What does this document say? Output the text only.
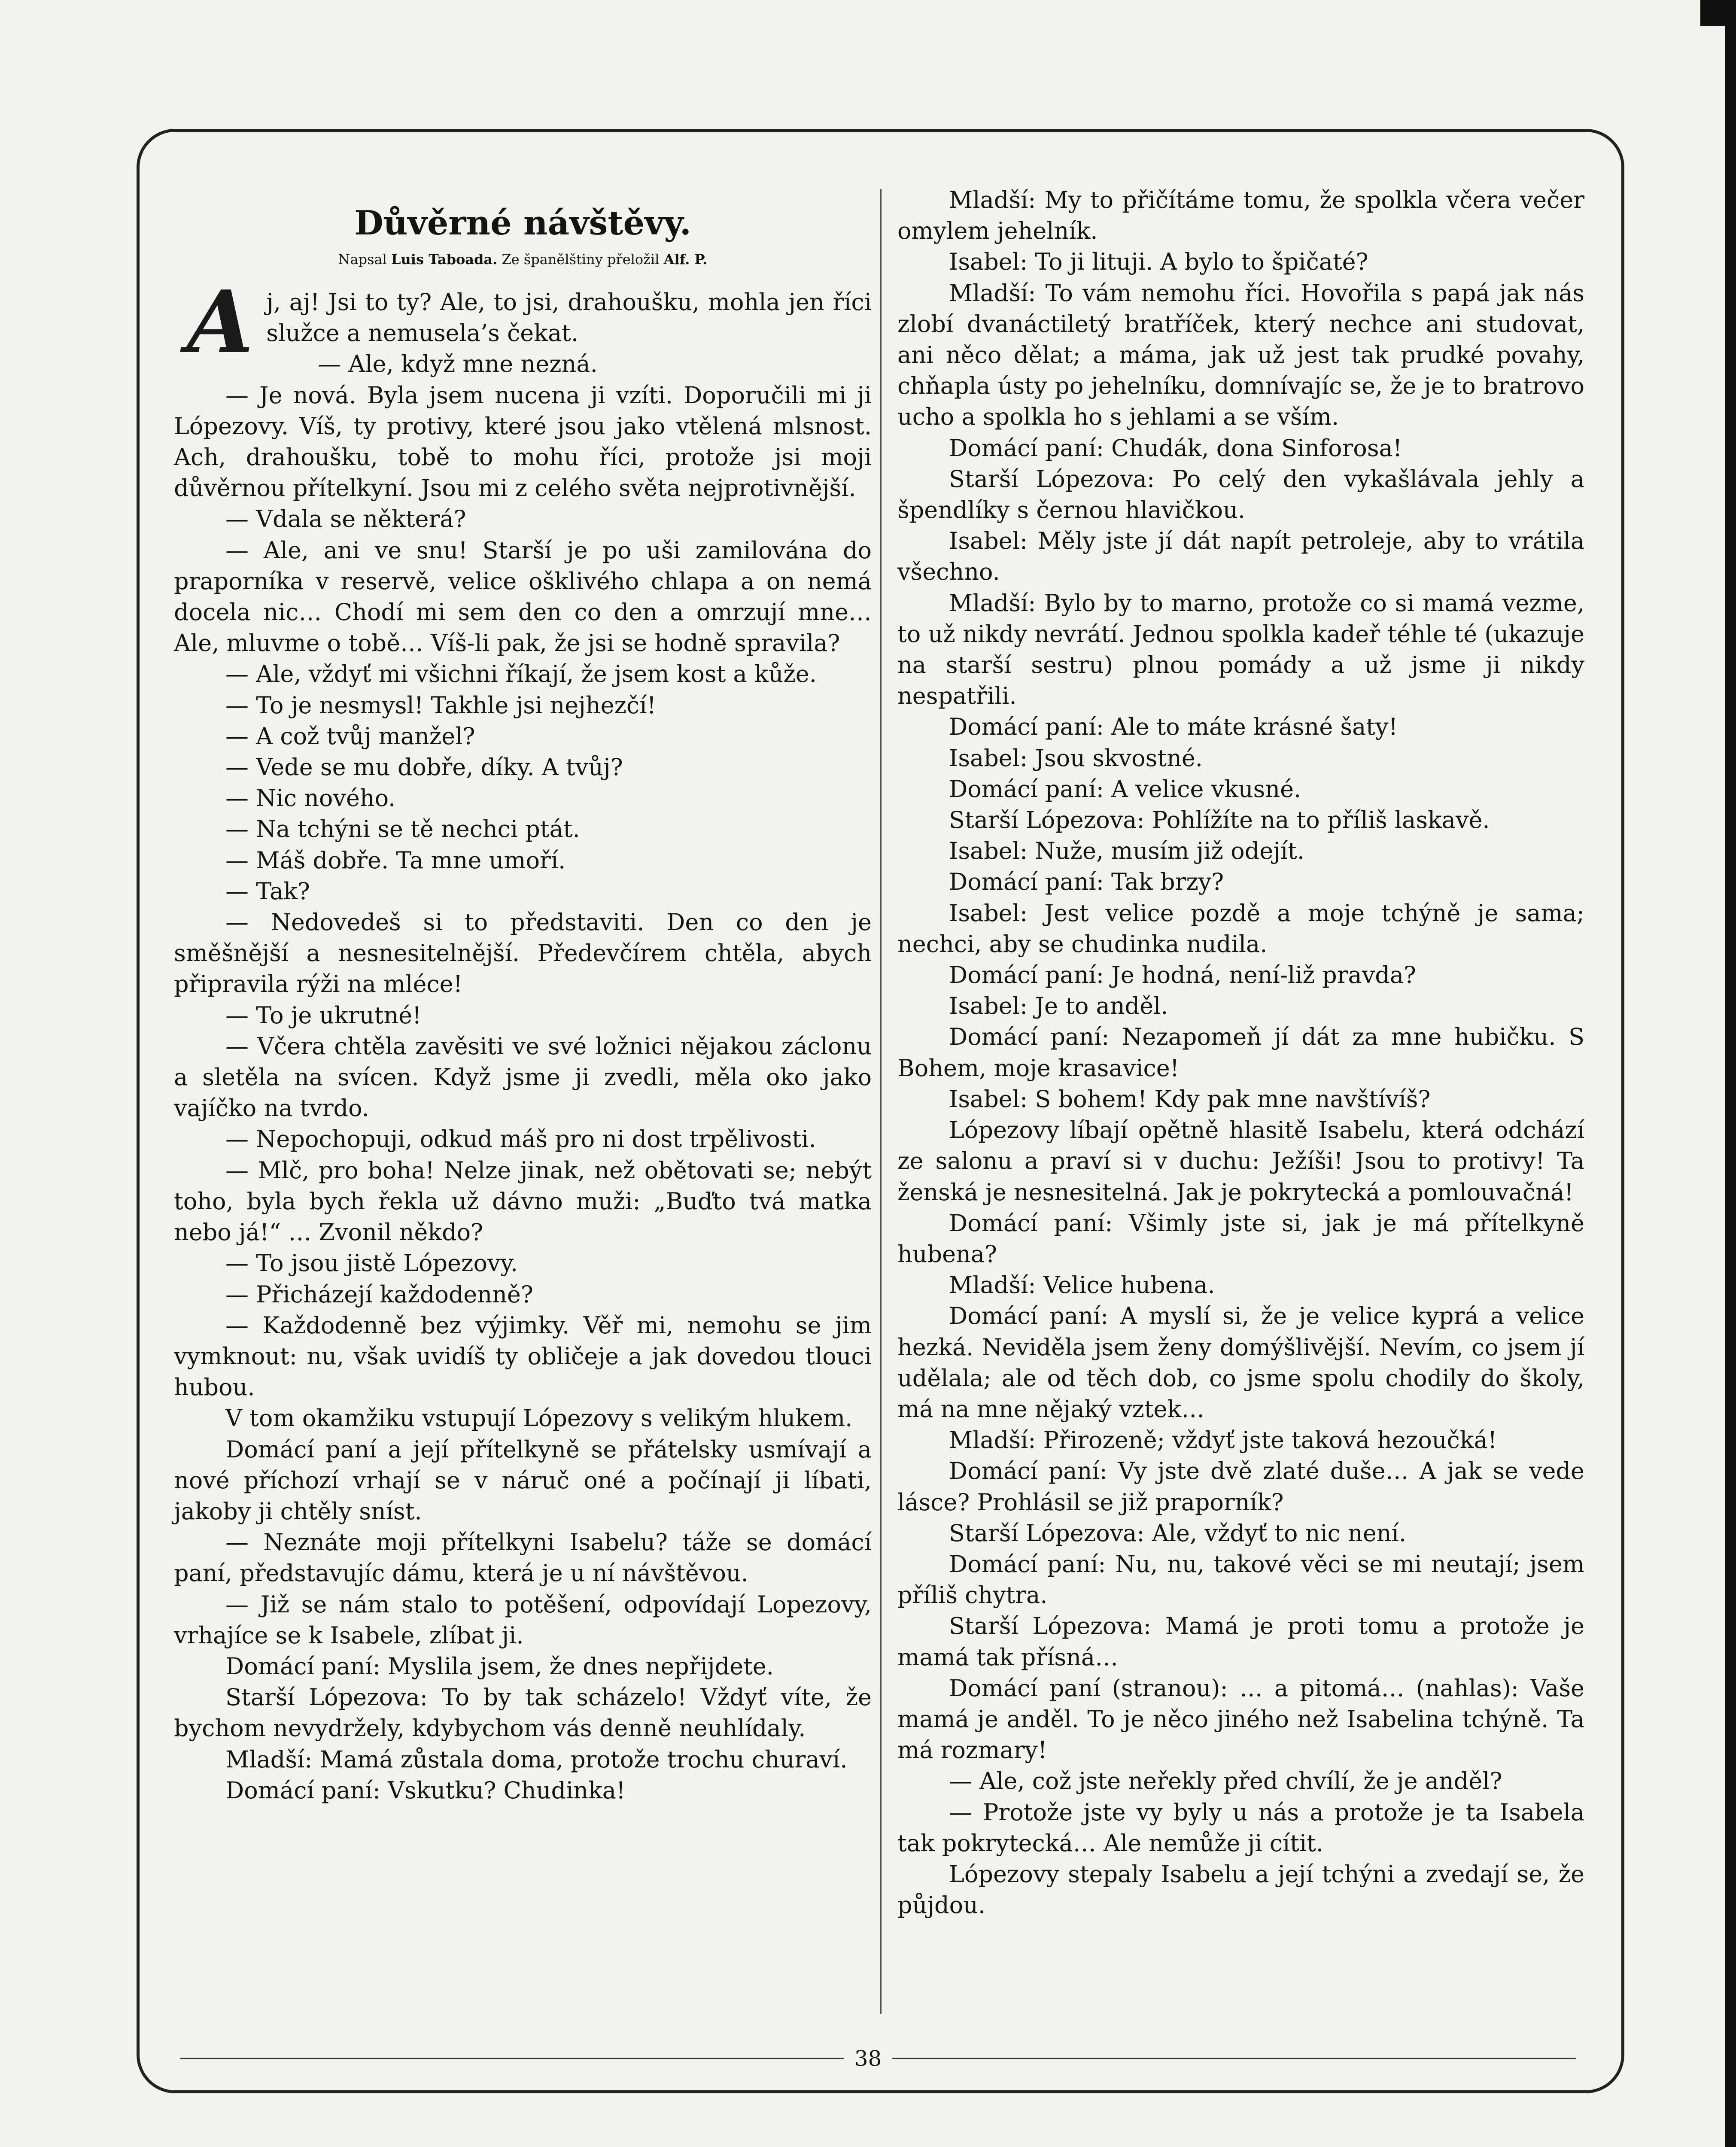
Důvěrné návštěvy.
Napsal Luis Taboada. Ze španělštiny přeložil Alf. P.
A j, aj! Jsi to ty? Ale, to jsi, drahoušku, mohla jen říci služce a nemusela’s čekat.

— Ale, když mne nezná.

— Je nová. Byla jsem nucena ji vzíti. Doporučili mi ji Lópezovy. Víš, ty protivy, které jsou jako vtělená mlsnost. Ach, drahoušku, tobě to mohu říci, protože jsi moji důvěrnou přítelkyní. Jsou mi z celého světa nejprotivnější.

— Vdala se některá?

— Ale, ani ve snu! Starší je po uši zamilována do praporníka v reservě, velice ošklivého chlapa a on nemá docela nic… Chodí mi sem den co den a omrzují mne… Ale, mluvme o tobě… Víš-li pak, že jsi se hodně spravila?

— Ale, vždyť mi všichni říkají, že jsem kost a kůže.

— To je nesmysl! Takhle jsi nejhezčí!

— A což tvůj manžel?

— Vede se mu dobře, díky. A tvůj?

— Nic nového.

— Na tchýni se tě nechci ptát.

— Máš dobře. Ta mne umoří.

— Tak?

— Nedovedeš si to představiti. Den co den je směšnější a nesnesitelnější. Předevčírem chtěla, abych připravila rýži na mléce!

— To je ukrutné!

— Včera chtěla zavěsiti ve své ložnici nějakou záclonu a sletěla na svícen. Když jsme ji zvedli, měla oko jako vajíčko na tvrdo.

— Nepochopuji, odkud máš pro ni dost trpělivosti.

— Mlč, pro boha! Nelze jinak, než obětovati se; nebýt toho, byla bych řekla už dávno muži: „Buďto tvá matka nebo já!“ … Zvonil někdo?

— To jsou jistě Lópezovy.

— Přicházejí každodenně?

— Každodenně bez výjimky. Věř mi, nemohu se jim vymknout: nu, však uvidíš ty obličeje a jak dovedou tlouci hubou.

V tom okamžiku vstupují Lópezovy s velikým hlukem.

Domácí paní a její přítelkyně se přátelsky usmívají a nové příchozí vrhají se v náruč oné a počínají ji líbati, jakoby ji chtěly sníst.

— Neznáte moji přítelkyni Isabelu? táže se domácí paní, představujíc dámu, která je u ní návštěvou.

— Již se nám stalo to potěšení, odpovídají Lopezovy, vrhajíce se k Isabele, zlíbat ji.

Domácí paní: Myslila jsem, že dnes nepřijdete.

Starší Lópezova: To by tak scházelo! Vždyť víte, že bychom nevydržely, kdybychom vás denně neuhlídaly.

Mladší: Mamá zůstala doma, protože trochu churaví.

Domácí paní: Vskutku? Chudinka!

Mladší: My to přičítáme tomu, že spolkla včera večer omylem jehelník.

Isabel: To ji lituji. A bylo to špičaté?

Mladší: To vám nemohu říci. Hovořila s papá jak nás zlobí dvanáctiletý bratříček, který nechce ani studovat, ani něco dělat; a máma, jak už jest tak prudké povahy, chňapla ústy po jehelníku, domnívajíc se, že je to bratrovo ucho a spolkla ho s jehlami a se vším.

Domácí paní: Chudák, dona Sinforosa!

Starší Lópezova: Po celý den vykašlávala jehly a špendlíky s černou hlavičkou.

Isabel: Měly jste jí dát napít petroleje, aby to vrátila všechno.

Mladší: Bylo by to marno, protože co si mamá vezme, to už nikdy nevrátí. Jednou spolkla kadeř téhle té (ukazuje na starší sestru) plnou pomády a už jsme ji nikdy nespatřili.

Domácí paní: Ale to máte krásné šaty!

Isabel: Jsou skvostné.

Domácí paní: A velice vkusné.

Starší Lópezova: Pohlížíte na to příliš laskavě.

Isabel: Nuže, musím již odejít.

Domácí paní: Tak brzy?

Isabel: Jest velice pozdě a moje tchýně je sama; nechci, aby se chudinka nudila.

Domácí paní: Je hodná, není-liž pravda?

Isabel: Je to anděl.

Domácí paní: Nezapomeň jí dát za mne hubičku. S Bohem, moje krasavice!

Isabel: S bohem! Kdy pak mne navštívíš?

Lópezovy líbají opětně hlasitě Isabelu, která odchází ze salonu a praví si v duchu: Ježíši! Jsou to protivy! Ta ženská je nesnesitelná. Jak je pokrytecká a pomlouvačná!

Domácí paní: Všimly jste si, jak je má přítelkyně hubena?

Mladší: Velice hubena.

Domácí paní: A myslí si, že je velice kyprá a velice hezká. Neviděla jsem ženy domýšlivější. Nevím, co jsem jí udělala; ale od těch dob, co jsme spolu chodily do školy, má na mne nějaký vztek…

Mladší: Přirozeně; vždyť jste taková hezoučká!

Domácí paní: Vy jste dvě zlaté duše… A jak se vede lásce? Prohlásil se již praporník?

Starší Lópezova: Ale, vždyť to nic není.

Domácí paní: Nu, nu, takové věci se mi neutají; jsem příliš chytra.

Starší Lópezova: Mamá je proti tomu a protože je mamá tak přísná…

Domácí paní (stranou): … a pitomá… (nahlas): Vaše mamá je anděl. To je něco jiného než Isabelina tchýně. Ta má rozmary!

— Ale, což jste neřekly před chvílí, že je anděl?

— Protože jste vy byly u nás a protože je ta Isabela tak pokrytecká… Ale nemůže ji cítit.

Lópezovy stepaly Isabelu a její tchýni a zvedají se, že půjdou.

38
